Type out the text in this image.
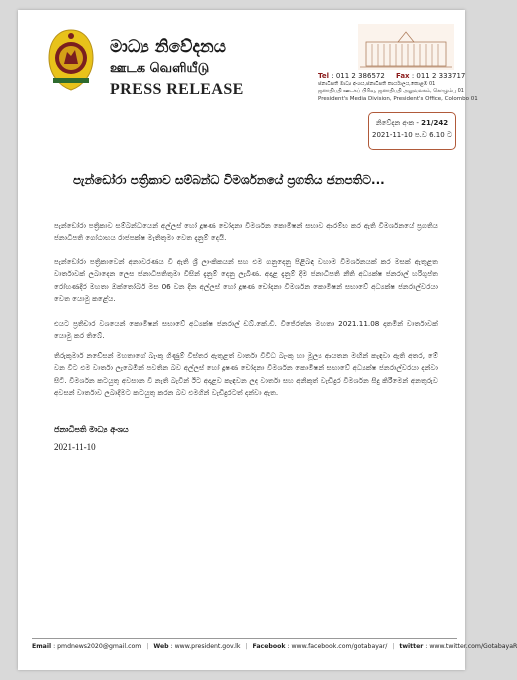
මාධ්‍ය නිවේදනය
ஊடக வெளியீடு
PRESS RELEASE
Tel : 011 2 386572 Fax : 011 2 333717
ජනාධිපති මාධ්‍ය අංශය,ජනාධිපති කාර්යාලය,කොළඹ 01
ஜனாதிபதி ஊடகப் பிரிவு, ஜனாதிபதி அலுவலகம், கொழும்பு 01
President's Media Division, President's Office, Colombo 01
නිවේදන අංක - 21/242
2021-11-10 ප.ව 6.10 ට
පැන්ඩෝරා පත්‍රිකාව සම්බන්ධ විමර්ශනයේ ප්‍රගතිය ජනපතිට...
පැන්ඩෝරා පත්‍රිකාව සම්බන්ධයෙන් අල්ලස් හෝ දූෂණ චෝදනා විමර්ශන කොමිෂන් සභාව ආරම්භ කර ඇති විමර්ශනයේ ප්‍රගතිය ජනාධිපති ගෝඨාභය රාජපක්ෂ මැතිතුමා වෙත දැනුම් දෙයි.
පැන්ඩෝරා පත්‍රිකාවෙන් අනාවරණය වී ඇති ශ්‍රී ලාංකිකයන් සහ එම ගනුදෙනු පිළිබඳ වහාම විමර්ශනයක් කර මසක් ඇතුළත වාර්තාවක් ලබාදෙන ලෙස ජනාධිපතිතුමා විසින් දැනුම් දෙනු ලැබිණ. අදාළ දැනුම් දීම ජනාධිපති නීති අධ්‍යක්ෂ ජනරාල් හරිගුප්ත රෝහණදීර මහතා ඔක්තෝබර් මස 06 වන දින අල්ලස් හෝ දූෂණ චෝදනා විමර්ශන කොමිෂන් සභාවේ අධ්‍යක්ෂ ජනරාල්වරයා වෙත යොමු කළේය.
එයට ප්‍රතිචාර වශයෙන් කොමිෂන් සභාවේ අධ්‍යක්ෂ ජනරාල් ඩබ්.කේ.ඩී. විජේරත්න මහතා 2021.11.08 දාතමින් වාර්තාවක් යොමු කර තිබේ.
තිරුකුමාර් නඩේසන් මහතාගේ බැංකු ගිණුම් විස්තර ඇතුළත් වාර්තා විවිධ බැංකු හා මූල්‍ය ආයතන මඟින් කැඳවා ඇති අතර, මේ වන විට එම වාර්තා ලැබෙමින් පවතින බව අල්ලස් හෝ දූෂණ චෝදනා විමර්ශන කොමිෂන් සභාවේ අධ්‍යක්ෂ ජනරාල්වරයා දන්වා සිටී. විමර්ශන කටයුතු අවසාන වී නැති බැවින් ඊට අදාළව කැඳවන ලද වාර්තා සහ අනිකුත් වැඩිදුර විමර්ශන සිදු කිරීමෙන් අනතුරුව අවසන් වාර්තාව ලබාදීමට කටයුතු කරන බව එමගින් වැඩිදුරටත් දන්වා ඇත.
ජනාධිපති මාධ්‍ය අංශය
2021-11-10
Email : pmdnews2020@gmail.com | Web : www.president.gov.lk | Facebook : www.facebook.com/gotabayar/ | twitter : www.twitter.com/GotabayaR
